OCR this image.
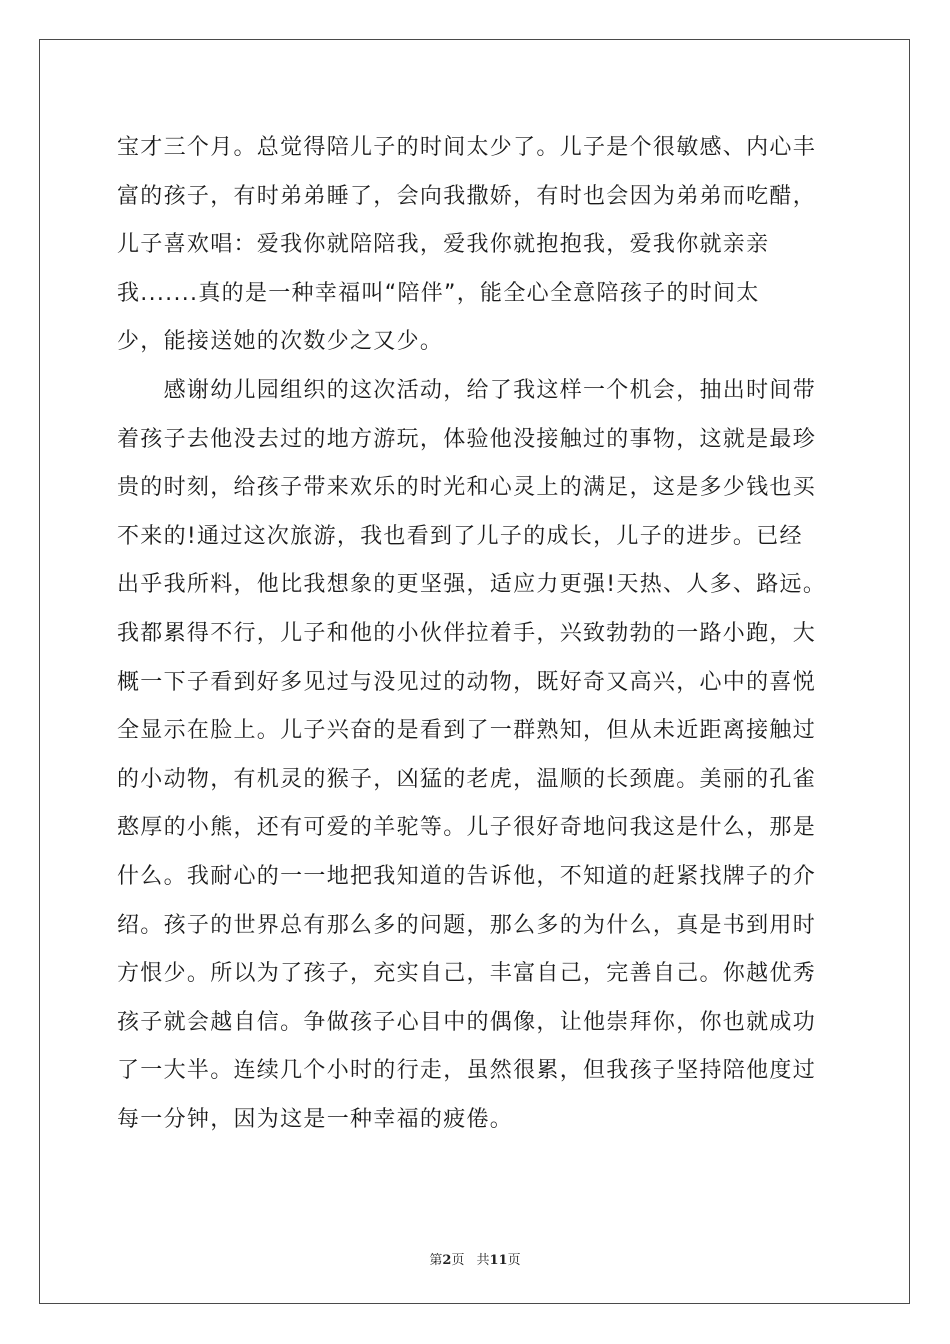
宝才三个月。总觉得陪儿子的时间太少了。儿子是个很敏感、内心丰
富的孩子，有时弟弟睡了，会向我撒娇，有时也会因为弟弟而吃醋，
儿子喜欢唱：爱我你就陪陪我，爱我你就抱抱我，爱我你就亲亲
我.......真的是一种幸福叫“陪伴”，能全心全意陪孩子的时间太
少，能接送她的次数少之又少。
　　感谢幼儿园组织的这次活动，给了我这样一个机会，抽出时间带
着孩子去他没去过的地方游玩，体验他没接触过的事物，这就是最珍
贵的时刻，给孩子带来欢乐的时光和心灵上的满足，这是多少钱也买
不来的!通过这次旅游，我也看到了儿子的成长，儿子的进步。已经
出乎我所料，他比我想象的更坚强，适应力更强!天热、人多、路远。
我都累得不行，儿子和他的小伙伴拉着手，兴致勃勃的一路小跑，大
概一下子看到好多见过与没见过的动物，既好奇又高兴，心中的喜悦
全显示在脸上。儿子兴奋的是看到了一群熟知，但从未近距离接触过
的小动物，有机灵的猴子，凶猛的老虎，温顺的长颈鹿。美丽的孔雀
憨厚的小熊，还有可爱的羊驼等。儿子很好奇地问我这是什么，那是
什么。我耐心的一一地把我知道的告诉他，不知道的赶紧找牌子的介
绍。孩子的世界总有那么多的问题，那么多的为什么，真是书到用时
方恨少。所以为了孩子，充实自己，丰富自己，完善自己。你越优秀
孩子就会越自信。争做孩子心目中的偶像，让他崇拜你，你也就成功
了一大半。连续几个小时的行走，虽然很累，但我孩子坚持陪他度过
每一分钟，因为这是一种幸福的疲倦。
第2页 共11页
